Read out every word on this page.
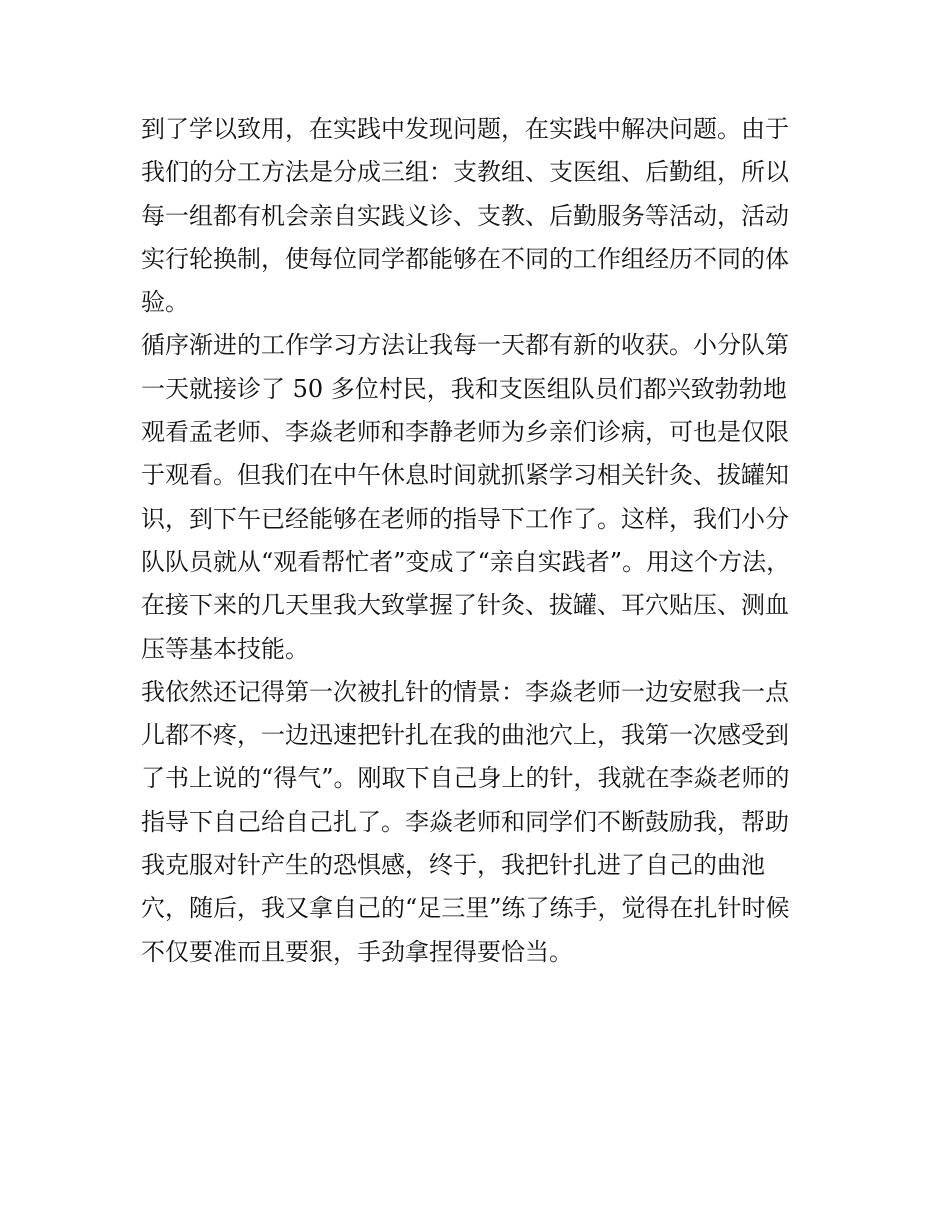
到了学以致用，在实践中发现问题，在实践中解决问题。由于
我们的分工方法是分成三组：支教组、支医组、后勤组，所以
每一组都有机会亲自实践义诊、支教、后勤服务等活动，活动
实行轮换制，使每位同学都能够在不同的工作组经历不同的体
验。
循序渐进的工作学习方法让我每一天都有新的收获。小分队第
一天就接诊了 50 多位村民，我和支医组队员们都兴致勃勃地
观看孟老师、李焱老师和李静老师为乡亲们诊病，可也是仅限
于观看。但我们在中午休息时间就抓紧学习相关针灸、拔罐知
识，到下午已经能够在老师的指导下工作了。这样，我们小分
队队员就从“观看帮忙者”变成了“亲自实践者”。用这个方法，
在接下来的几天里我大致掌握了针灸、拔罐、耳穴贴压、测血
压等基本技能。
我依然还记得第一次被扎针的情景：李焱老师一边安慰我一点
儿都不疼，一边迅速把针扎在我的曲池穴上，我第一次感受到
了书上说的“得气”。刚取下自己身上的针，我就在李焱老师的
指导下自己给自己扎了。李焱老师和同学们不断鼓励我，帮助
我克服对针产生的恐惧感，终于，我把针扎进了自己的曲池
穴，随后，我又拿自己的“足三里”练了练手，觉得在扎针时候
不仅要准而且要狠，手劲拿捏得要恰当。
